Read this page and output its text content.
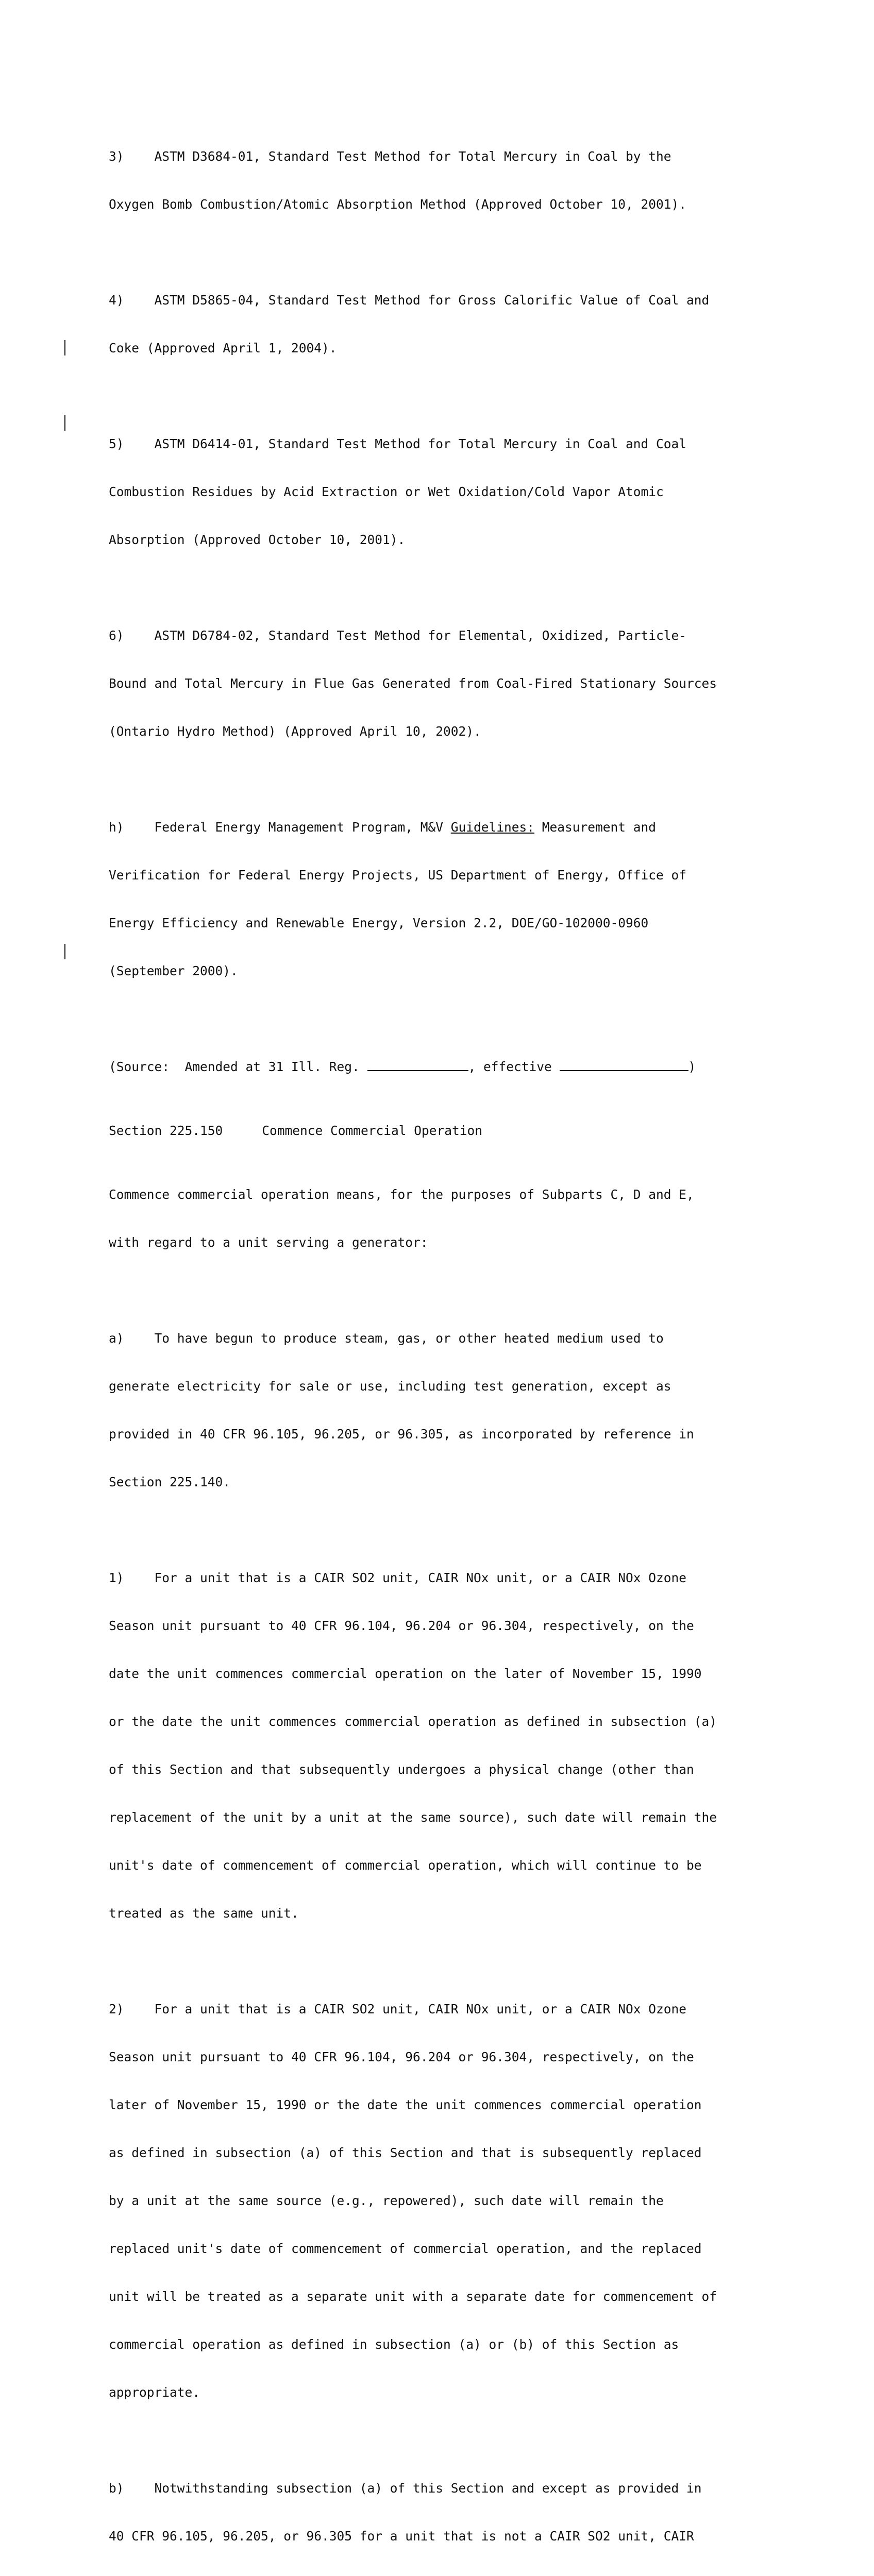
3)    ASTM D3684-01, Standard Test Method for Total Mercury in Coal by the

Oxygen Bomb Combustion/Atomic Absorption Method (Approved October 10, 2001).

4)    ASTM D5865-04, Standard Test Method for Gross Calorific Value of Coal and

Coke (Approved April 1, 2004).

5)    ASTM D6414-01, Standard Test Method for Total Mercury in Coal and Coal

Combustion Residues by Acid Extraction or Wet Oxidation/Cold Vapor Atomic

Absorption (Approved October 10, 2001).

6)    ASTM D6784-02, Standard Test Method for Elemental, Oxidized, Particle-

Bound and Total Mercury in Flue Gas Generated from Coal-Fired Stationary Sources

(Ontario Hydro Method) (Approved April 10, 2002).

h)    Federal Energy Management Program, M&V Guidelines: Measurement and

Verification for Federal Energy Projects, US Department of Energy, Office of

Energy Efficiency and Renewable Energy, Version 2.2, DOE/GO-102000-0960

(September 2000).

(Source:  Amended at 31 Ill. Reg.	, effective	)

Section 225.150	Commence Commercial Operation

Commence commercial operation means, for the purposes of Subparts C, D and E,

with regard to a unit serving a generator:

a)    To have begun to produce steam, gas, or other heated medium used to

generate electricity for sale or use, including test generation, except as

provided in 40 CFR 96.105, 96.205, or 96.305, as incorporated by reference in

Section 225.140.

1)    For a unit that is a CAIR SO2 unit, CAIR NOx unit, or a CAIR NOx Ozone

Season unit pursuant to 40 CFR 96.104, 96.204 or 96.304, respectively, on the

date the unit commences commercial operation on the later of November 15, 1990

or the date the unit commences commercial operation as defined in subsection (a)

of this Section and that subsequently undergoes a physical change (other than

replacement of the unit by a unit at the same source), such date will remain the

unit's date of commencement of commercial operation, which will continue to be

treated as the same unit.

2)    For a unit that is a CAIR SO2 unit, CAIR NOx unit, or a CAIR NOx Ozone

Season unit pursuant to 40 CFR 96.104, 96.204 or 96.304, respectively, on the

later of November 15, 1990 or the date the unit commences commercial operation

as defined in subsection (a) of this Section and that is subsequently replaced

by a unit at the same source (e.g., repowered), such date will remain the

replaced unit's date of commencement of commercial operation, and the replaced

unit will be treated as a separate unit with a separate date for commencement of

commercial operation as defined in subsection (a) or (b) of this Section as

appropriate.

b)    Notwithstanding subsection (a) of this Section and except as provided in

40 CFR 96.105, 96.205, or 96.305 for a unit that is not a CAIR SO2 unit, CAIR
